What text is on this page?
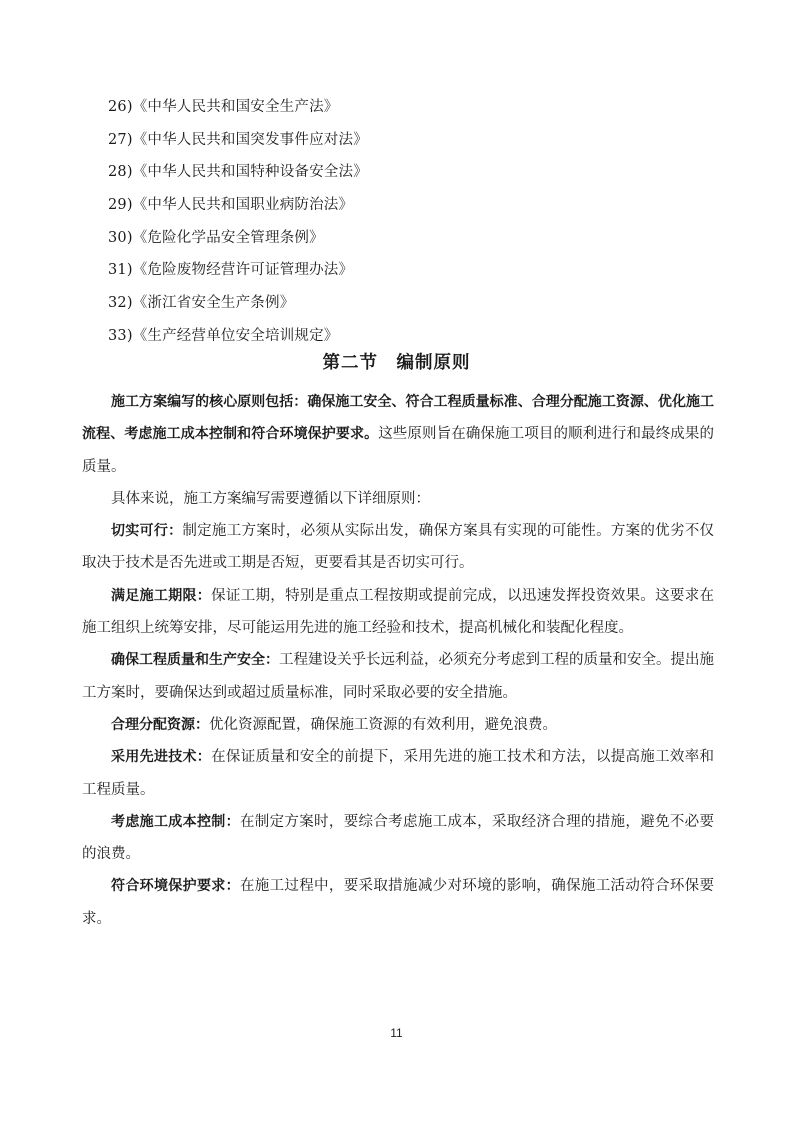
26)《中华人民共和国安全生产法》
27)《中华人民共和国突发事件应对法》
28)《中华人民共和国特种设备安全法》
29)《中华人民共和国职业病防治法》
30)《危险化学品安全管理条例》
31)《危险废物经营许可证管理办法》
32)《浙江省安全生产条例》
33)《生产经营单位安全培训规定》
第二节　编制原则

施工方案编写的核心原则包括：确保施工安全、符合工程质量标准、合理分配施工资源、优化施工流程、考虑施工成本控制和符合环境保护要求。这些原则旨在确保施工项目的顺利进行和最终成果的质量。

具体来说，施工方案编写需要遵循以下详细原则：

切实可行：制定施工方案时，必须从实际出发，确保方案具有实现的可能性。方案的优劣不仅取决于技术是否先进或工期是否短，更要看其是否切实可行。

满足施工期限：保证工期，特别是重点工程按期或提前完成，以迅速发挥投资效果。这要求在施工组织上统筹安排，尽可能运用先进的施工经验和技术，提高机械化和装配化程度。

确保工程质量和生产安全：工程建设关乎长远利益，必须充分考虑到工程的质量和安全。提出施工方案时，要确保达到或超过质量标准，同时采取必要的安全措施。

合理分配资源：优化资源配置，确保施工资源的有效利用，避免浪费。

采用先进技术：在保证质量和安全的前提下，采用先进的施工技术和方法，以提高施工效率和工程质量。

考虑施工成本控制：在制定方案时，要综合考虑施工成本，采取经济合理的措施，避免不必要的浪费。

符合环境保护要求：在施工过程中，要采取措施减少对环境的影响，确保施工活动符合环保要求。

11
